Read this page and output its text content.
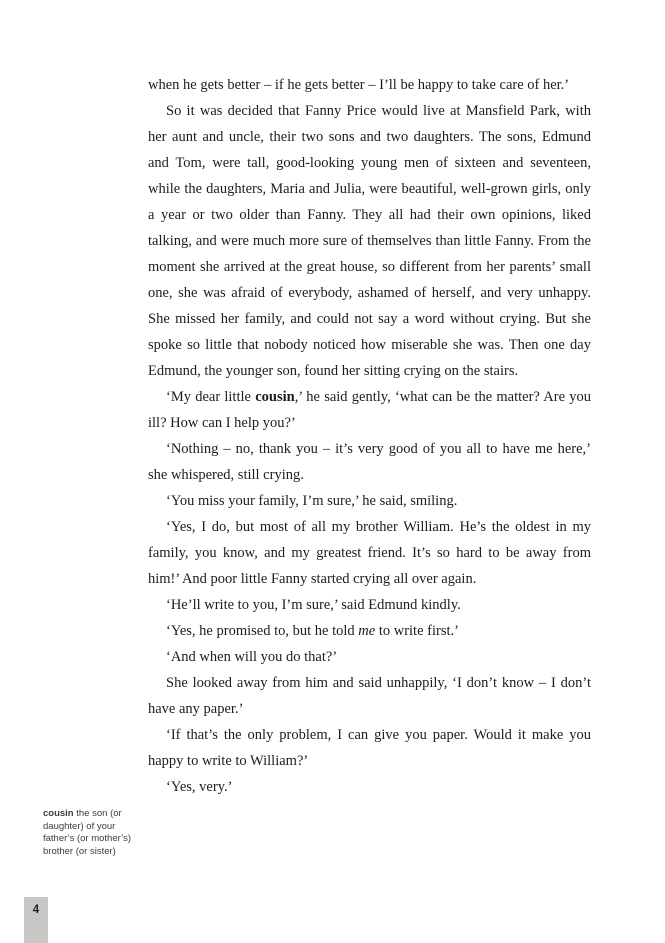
when he gets better – if he gets better – I’ll be happy to take care of her.’

So it was decided that Fanny Price would live at Mansfield Park, with her aunt and uncle, their two sons and two daughters. The sons, Edmund and Tom, were tall, good-looking young men of sixteen and seventeen, while the daughters, Maria and Julia, were beautiful, well-grown girls, only a year or two older than Fanny. They all had their own opinions, liked talking, and were much more sure of themselves than little Fanny. From the moment she arrived at the great house, so different from her parents’ small one, she was afraid of everybody, ashamed of herself, and very unhappy. She missed her family, and could not say a word without crying. But she spoke so little that nobody noticed how miserable she was. Then one day Edmund, the younger son, found her sitting crying on the stairs.

‘My dear little cousin,’ he said gently, ‘what can be the matter? Are you ill? How can I help you?’

‘Nothing – no, thank you – it’s very good of you all to have me here,’ she whispered, still crying.

‘You miss your family, I’m sure,’ he said, smiling.

‘Yes, I do, but most of all my brother William. He’s the oldest in my family, you know, and my greatest friend. It’s so hard to be away from him!’ And poor little Fanny started crying all over again.

‘He’ll write to you, I’m sure,’ said Edmund kindly.

‘Yes, he promised to, but he told me to write first.’

‘And when will you do that?’

She looked away from him and said unhappily, ‘I don’t know – I don’t have any paper.’

‘If that’s the only problem, I can give you paper. Would it make you happy to write to William?’

‘Yes, very.’

cousin the son (or daughter) of your father’s (or mother’s) brother (or sister)
4
